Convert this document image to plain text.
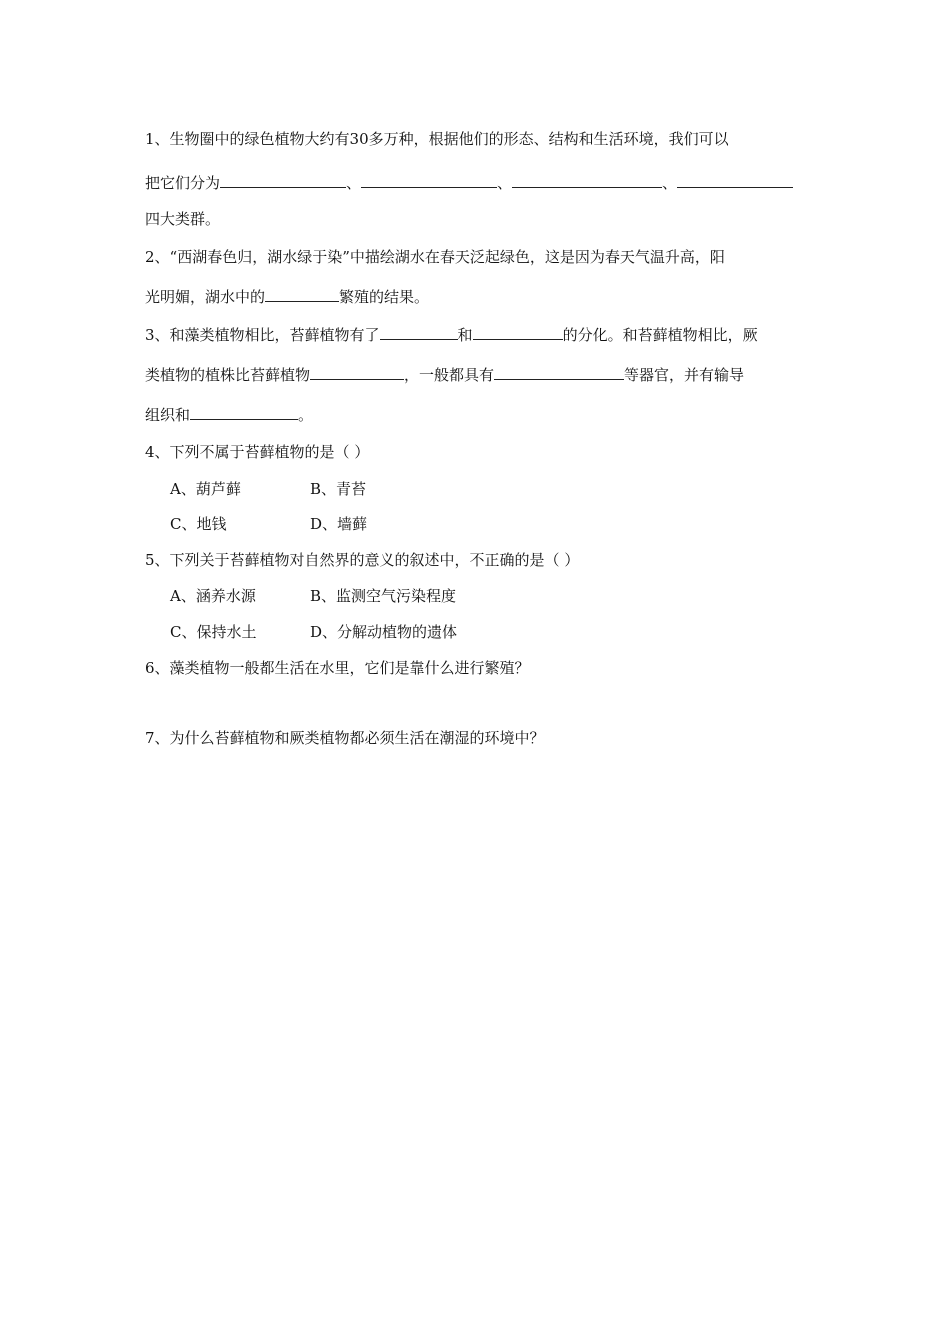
1、生物圈中的绿色植物大约有30多万种，根据他们的形态、结构和生活环境，我们可以
把它们分为	、	、	、
四大类群。
2、“西湖春色归，湖水绿于染”中描绘湖水在春天泛起绿色，这是因为春天气温升高，阳
光明媚，湖水中的	繁殖的结果。
3、和藻类植物相比，苔藓植物有了	和	的分化。和苔藓植物相比，厥
类植物的植株比苔藓植物	，一般都具有	等器官，并有输导
组织和	。
4、下列不属于苔藓植物的是（ ）
A、葫芦藓	B、青苔
C、地钱	D、墙藓
5、下列关于苔藓植物对自然界的意义的叙述中，不正确的是（ ）
A、涵养水源	B、监测空气污染程度
C、保持水土	D、分解动植物的遗体
6、藻类植物一般都生活在水里，它们是靠什么进行繁殖？
7、为什么苔藓植物和厥类植物都必须生活在潮湿的环境中？
